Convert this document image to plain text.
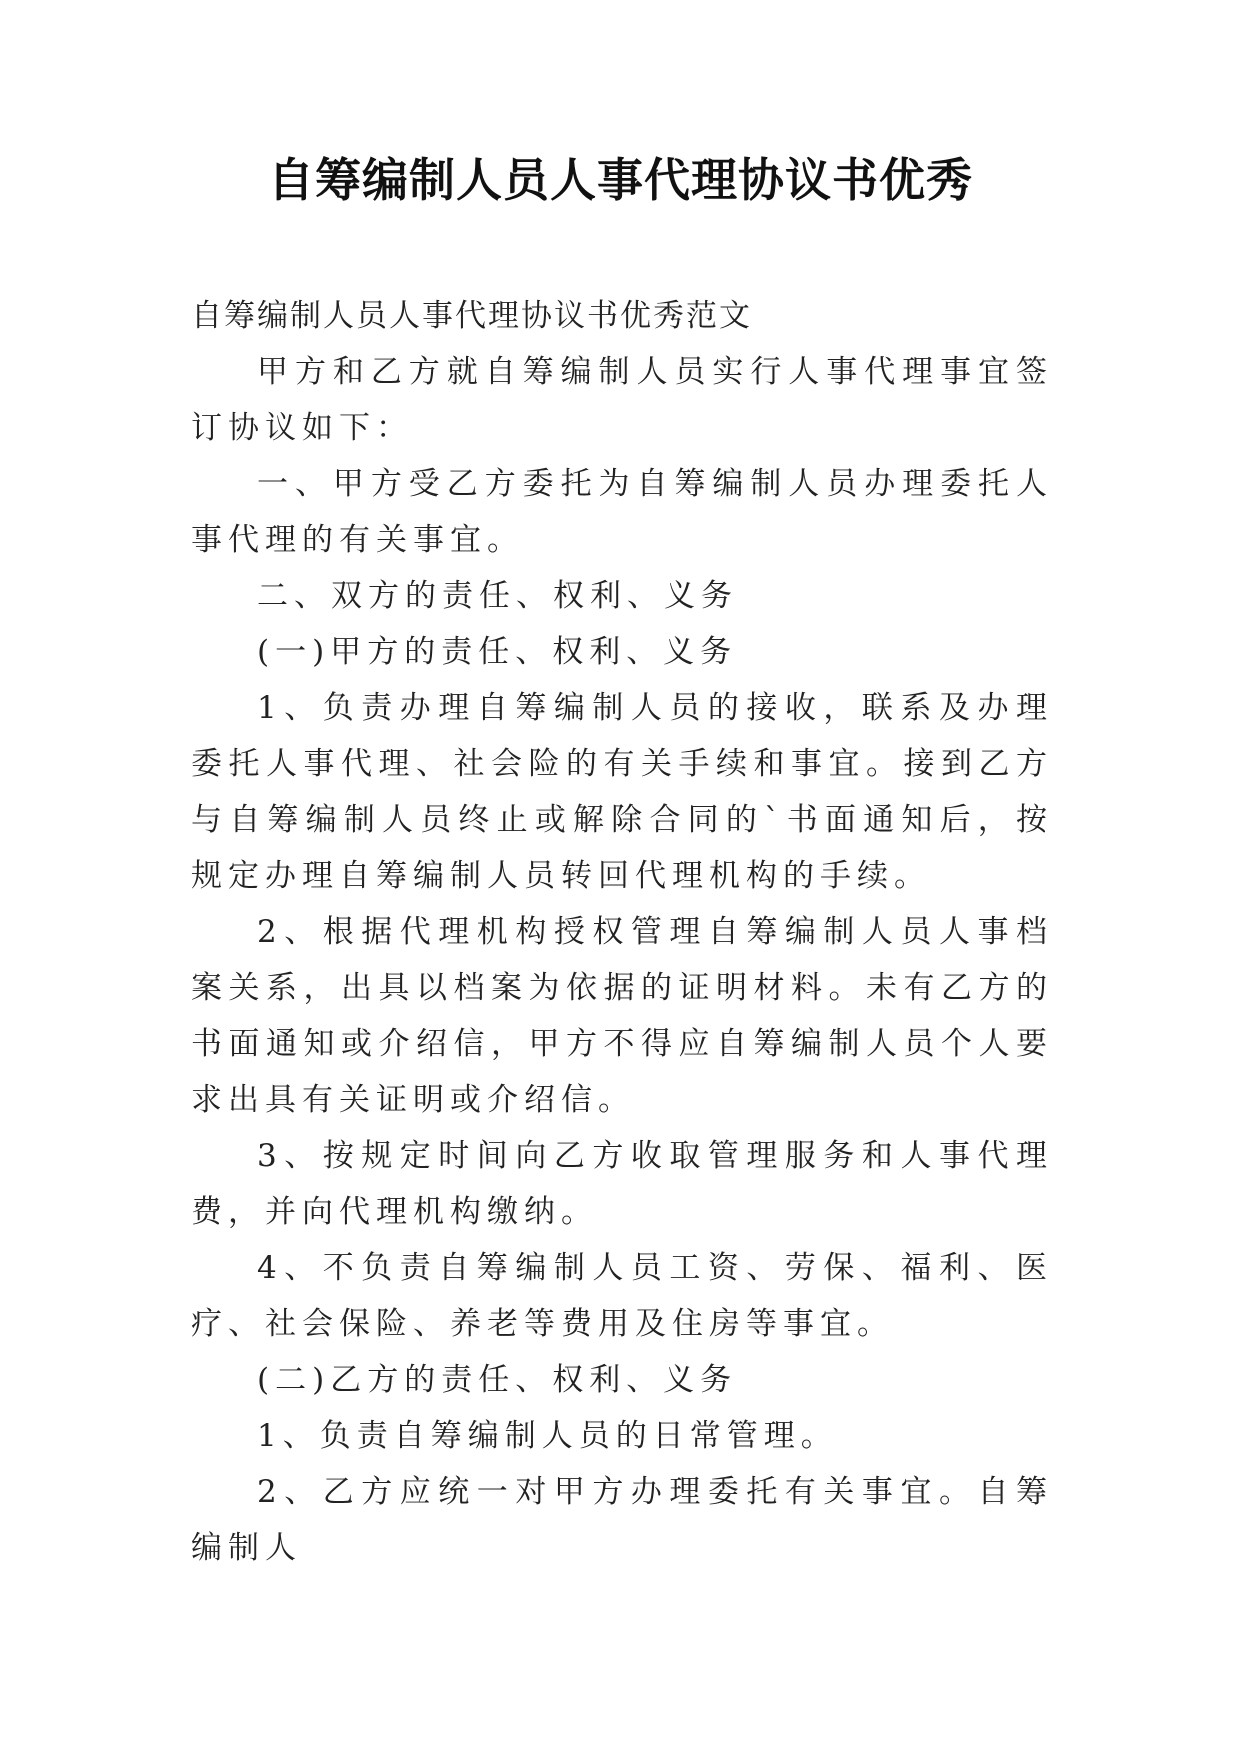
自筹编制人员人事代理协议书优秀

自筹编制人员人事代理协议书优秀范文

甲方和乙方就自筹编制人员实行人事代理事宜签订协议如下：

一、甲方受乙方委托为自筹编制人员办理委托人事代理的有关事宜。

二、双方的责任、权利、义务

(一)甲方的责任、权利、义务

1、负责办理自筹编制人员的接收，联系及办理委托人事代理、社会险的有关手续和事宜。接到乙方与自筹编制人员终止或解除合同的`书面通知后，按规定办理自筹编制人员转回代理机构的手续。

2、根据代理机构授权管理自筹编制人员人事档案关系，出具以档案为依据的证明材料。未有乙方的书面通知或介绍信，甲方不得应自筹编制人员个人要求出具有关证明或介绍信。

3、按规定时间向乙方收取管理服务和人事代理费，并向代理机构缴纳。

4、不负责自筹编制人员工资、劳保、福利、医疗、社会保险、养老等费用及住房等事宜。

(二)乙方的责任、权利、义务

1、负责自筹编制人员的日常管理。

2、乙方应统一对甲方办理委托有关事宜。自筹编制人
